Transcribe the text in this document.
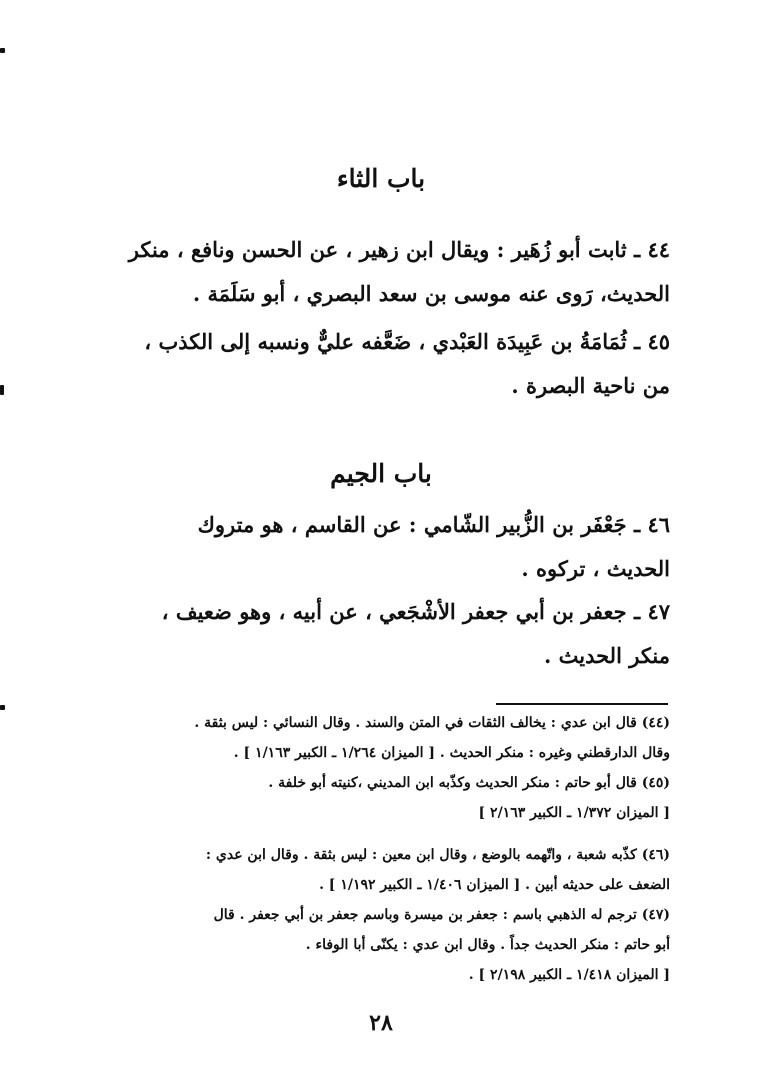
باب الثاء
٤٤ ـ ثابت أبو زُهَير : ويقال ابن زهير ، عن الحسن ونافع ، منكر
الحديث، رَوى عنه موسى بن سعد البصري ، أبو سَلَمَة .
٤٥ ـ ثُمَامَةُ بن عَبِيدَة العَبْدي ، ضَعَّفه عليٌّ ونسبه إلى الكذب ،
من ناحية البصرة .
باب الجيم
٤٦ ـ جَعْفَر بن الزُّبير الشّامي : عن القاسم ، هو متروك
الحديث ، تركوه .
٤٧ ـ جعفر بن أبي جعفر الأشْجَعي ، عن أبيه ، وهو ضعيف ،
منكر الحديث .
(٤٤) قال ابن عدي : يخالف الثقات في المتن والسند . وقال النسائي : ليس بثقة .
وقال الدارقطني وغيره : منكر الحديث . [ الميزان ١/٢٦٤ ـ الكبير ١/١٦٣ ] .
(٤٥) قال أبو حاتم : منكر الحديث وكذّبه ابن المديني ،كنيته أبو خلفة .
[ الميزان ١/٣٧٢ ـ الكبير ٢/١٦٣ ]
(٤٦) كذّبه شعبة ، واتّهمه بالوضع ، وقال ابن معين : ليس بثقة . وقال ابن عدي :
الضعف على حديثه أبين . [ الميزان ١/٤٠٦ ـ الكبير ١/١٩٢ ] .
(٤٧) ترجم له الذهبي باسم : جعفر بن ميسرة وباسم جعفر بن أبي جعفر . قال
أبو حاتم : منكر الحديث جداً . وقال ابن عدي : يكنّى أبا الوفاء .
[ الميزان ١/٤١٨ ـ الكبير ٢/١٩٨ ] .
٢٨
